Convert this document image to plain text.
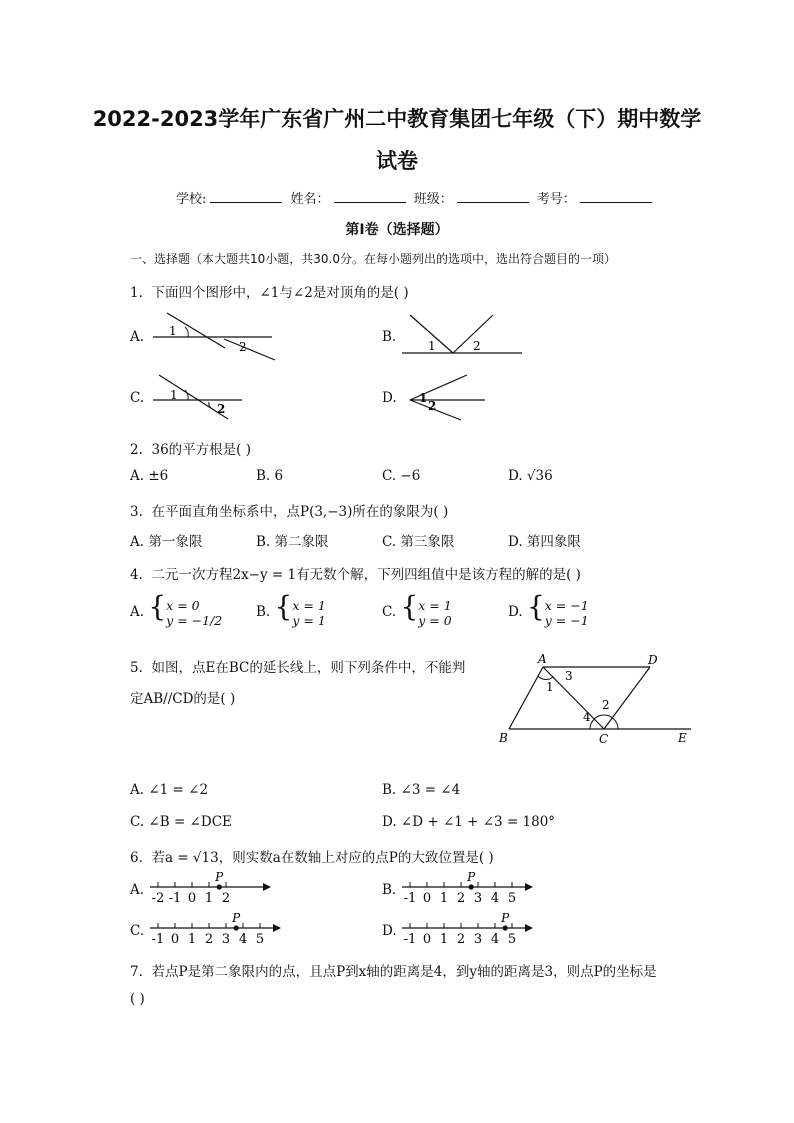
2022-2023学年广东省广州二中教育集团七年级（下）期中数学
试卷
学校:	姓名：	班级：	考号：
第I卷（选择题）
一、选择题（本大题共10小题，共30.0分。在每小题列出的选项中，选出符合题目的一项）
1. 下面四个图形中，∠1与∠2是对顶角的是( )
A. 1
2
B.
1	2
C. 1
2
D. 1
2
2. 36的平方根是( )
A. ±6	B. 6	C. −6	D. √36
3. 在平面直角坐标系中，点P(3,−3)所在的象限为( )
A. 第一象限	B. 第二象限	C. 第三象限	D. 第四象限
4. 二元一次方程2x−y = 1有无数个解，下列四组值中是该方程的解的是( )
A. {x = 0
y = −1/2	B. {x = 1
y = 1	C. {x = 1
y = 0	D. {x = −1
y = −1
5. 如图，点E在BC的延长线上，则下列条件中，不能判
定AB//CD的是( )
A	D
B	C	E
1
3
2
4
A. ∠1 = ∠2	B. ∠3 = ∠4
C. ∠B = ∠DCE	D. ∠D + ∠1 + ∠3 = 180°
6. 若a = √13，则实数a在数轴上对应的点P的大致位置是( )
A.
-2 -1 0 1 2
P
B.
-1 0 1 2 3 4 5
P
C.
-1 0 1 2 3 4 5
P
D.
-1 0 1 2 3 4 5
P
7. 若点P是第二象限内的点，且点P到x轴的距离是4，到y轴的距离是3，则点P的坐标是
( )
